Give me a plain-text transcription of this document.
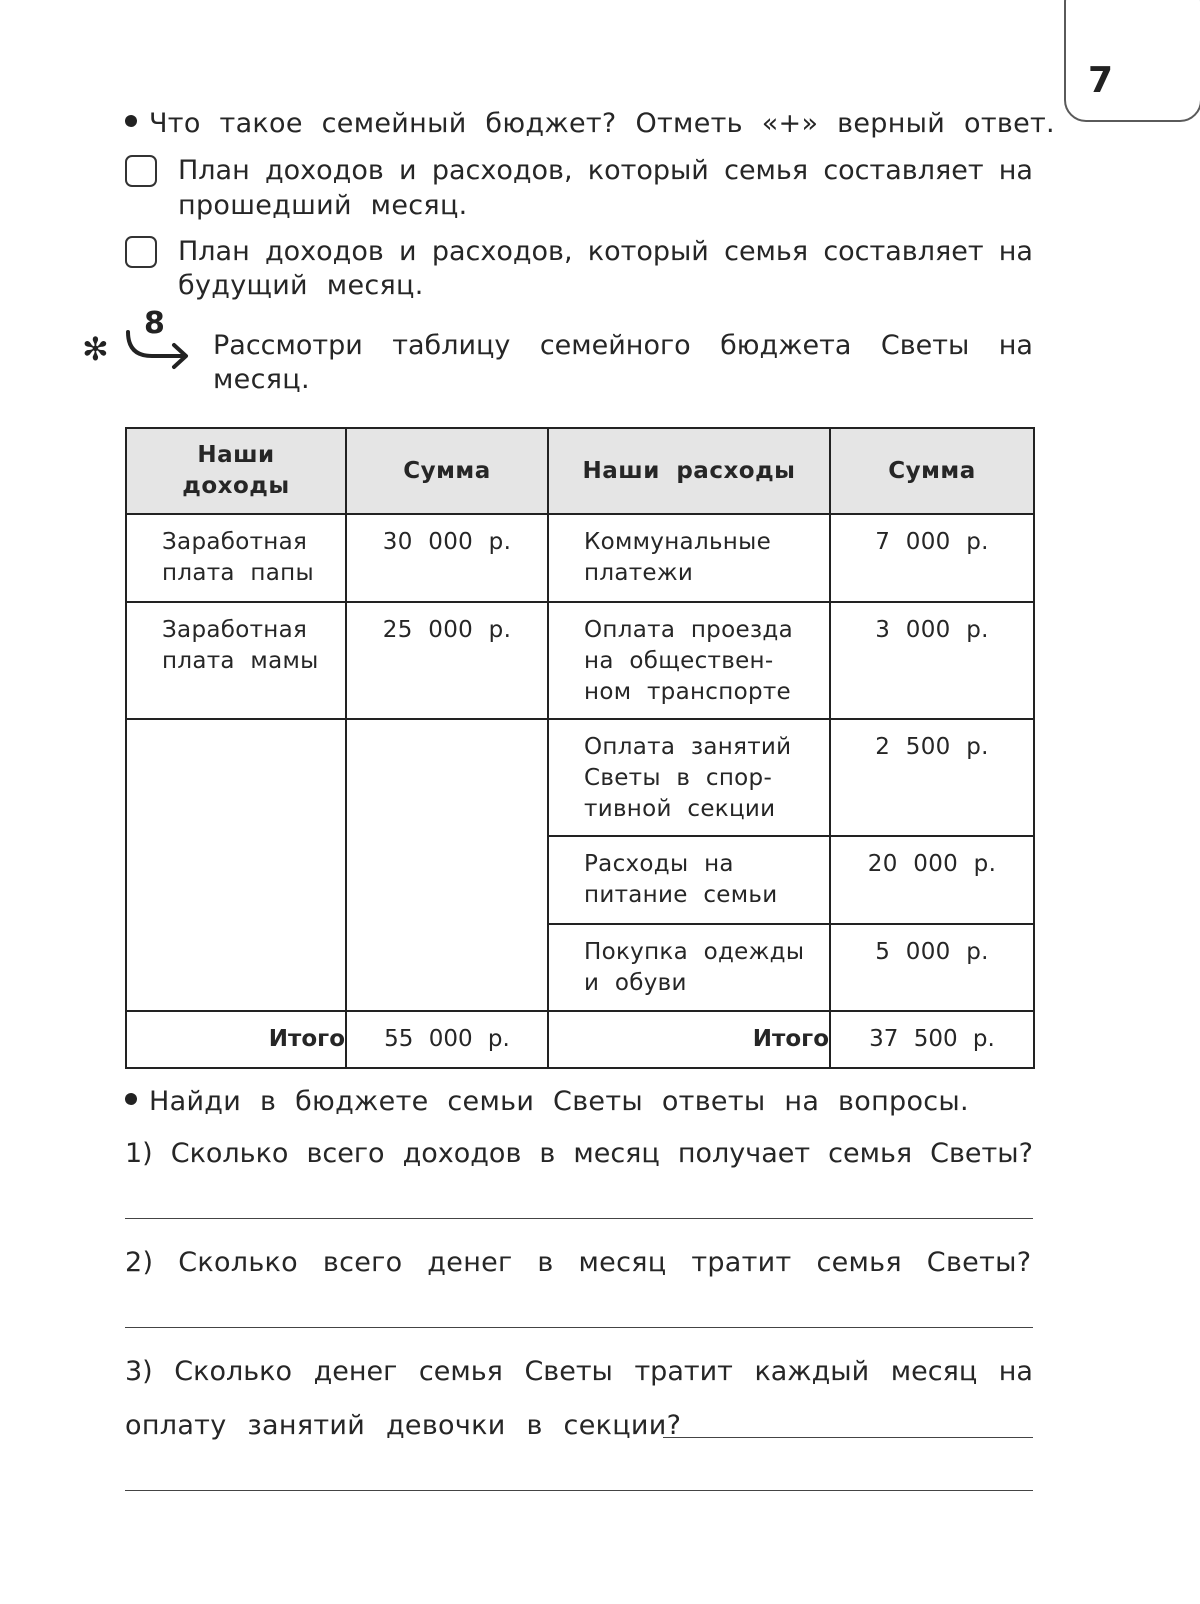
7
Что такое семейный бюджет? Отметь «+» верный ответ.
План доходов и расходов, который семья составляет на
прошедший месяц.
План доходов и расходов, который семья составляет на
будущий месяц.
✻
8
Рассмотри таблицу семейного бюджета Светы на
месяц.
Наши
доходы	Сумма	Наши расходы	Сумма

Заработная
плата папы	30 000 р.	Коммунальные
платежи	7 000 р.

Заработная
плата мамы	25 000 р.	Оплата проезда
на обществен-
ном транспорте	3 000 р.

		Оплата занятий
Светы в спор-
тивной секции	2 500 р.

		Расходы на
питание семьи	20 000 р.

		Покупка одежды
и обуви	5 000 р.

Итого	55 000 р.	Итого	37 500 р.
Найди в бюджете семьи Светы ответы на вопросы.
1) Сколько всего доходов в месяц получает семья Светы?
2) Сколько всего денег в месяц тратит семья Светы?
3) Сколько денег семья Светы тратит каждый месяц на
оплату занятий девочки в секции?
